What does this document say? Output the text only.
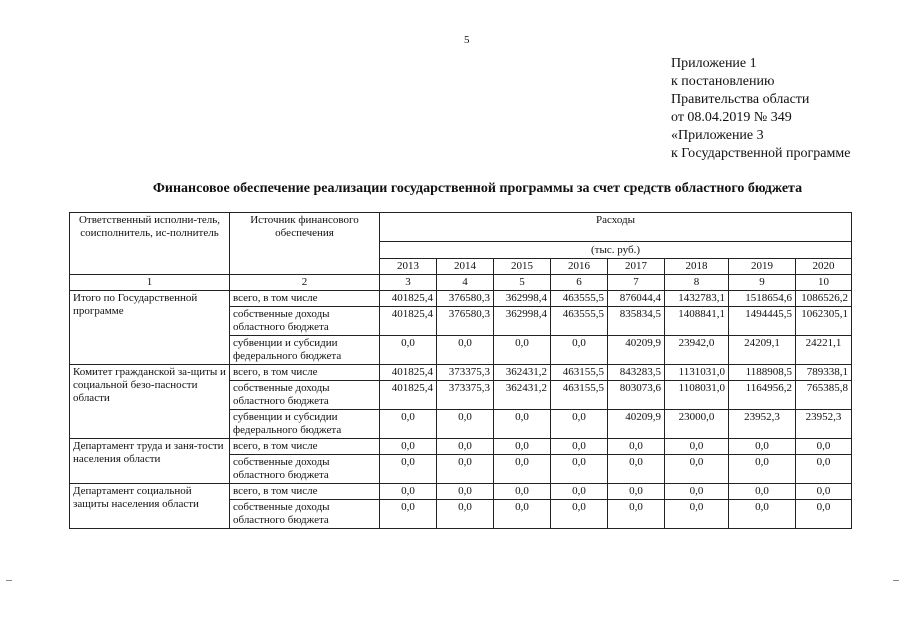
5
Приложение 1
к постановлению
Правительства области
от 08.04.2019 № 349
«Приложение 3
к Государственной программе
Финансовое обеспечение реализации государственной программы за счет средств областного бюджета
Ответственный исполни-тель, соисполнитель, ис-полнитель	Источник финансового обеспечения	Расходы							
		(тыс. руб.)							
		2013	2014	2015	2016	2017	2018	2019	2020
1	2	3	4	5	6	7	8	9	10
Итого по Государственной программе	всего, в том числе	401825,4	376580,3	362998,4	463555,5	876044,4	1432783,1	1518654,6	1086526,2
	собственные доходы областного бюджета	401825,4	376580,3	362998,4	463555,5	835834,5	1408841,1	1494445,5	1062305,1
	субвенции и субсидии федерального бюджета	0,0	0,0	0,0	0,0	40209,9	23942,0	24209,1	24221,1
Комитет гражданской за-щиты и социальной безо-пасности области	всего, в том числе	401825,4	373375,3	362431,2	463155,5	843283,5	1131031,0	1188908,5	789338,1
	собственные доходы областного бюджета	401825,4	373375,3	362431,2	463155,5	803073,6	1108031,0	1164956,2	765385,8
	субвенции и субсидии федерального бюджета	0,0	0,0	0,0	0,0	40209,9	23000,0	23952,3	23952,3
Департамент труда и заня-тости населения области	всего, в том числе	0,0	0,0	0,0	0,0	0,0	0,0	0,0	0,0
	собственные доходы областного бюджета	0,0	0,0	0,0	0,0	0,0	0,0	0,0	0,0
Департамент социальной защиты населения области	всего, в том числе	0,0	0,0	0,0	0,0	0,0	0,0	0,0	0,0
	собственные доходы областного бюджета	0,0	0,0	0,0	0,0	0,0	0,0	0,0	0,0
